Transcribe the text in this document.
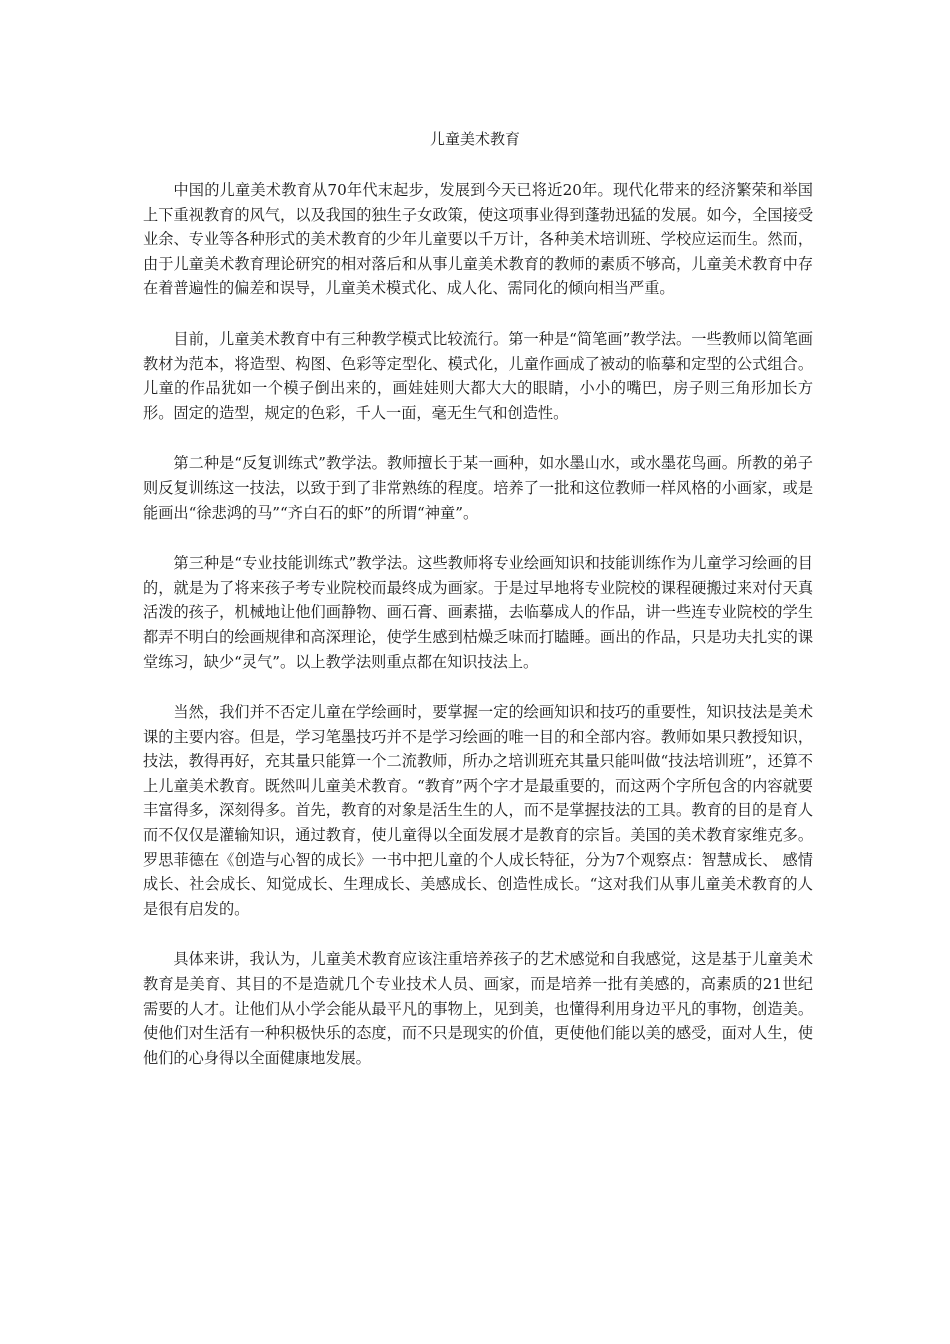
儿童美术教育

中国的儿童美术教育从70年代末起步，发展到今天已将近20年。现代化带来的经济繁荣和举国上下重视教育的风气，以及我国的独生子女政策，使这项事业得到蓬勃迅猛的发展。如今，全国接受业余、专业等各种形式的美术教育的少年儿童要以千万计，各种美术培训班、学校应运而生。然而，由于儿童美术教育理论研究的相对落后和从事儿童美术教育的教师的素质不够高，儿童美术教育中存在着普遍性的偏差和误导，儿童美术模式化、成人化、需同化的倾向相当严重。

目前，儿童美术教育中有三种教学模式比较流行。第一种是“简笔画”教学法。一些教师以简笔画教材为范本，将造型、构图、色彩等定型化、模式化，儿童作画成了被动的临摹和定型的公式组合。儿童的作品犹如一个模子倒出来的，画娃娃则大都大大的眼睛，小小的嘴巴，房子则三角形加长方形。固定的造型，规定的色彩，千人一面，毫无生气和创造性。

第二种是“反复训练式”教学法。教师擅长于某一画种，如水墨山水，或水墨花鸟画。所教的弟子则反复训练这一技法，以致于到了非常熟练的程度。培养了一批和这位教师一样风格的小画家，或是能画出“徐悲鸿的马”“齐白石的虾”的所谓“神童”。

第三种是“专业技能训练式”教学法。这些教师将专业绘画知识和技能训练作为儿童学习绘画的目的，就是为了将来孩子考专业院校而最终成为画家。于是过早地将专业院校的课程硬搬过来对付天真活泼的孩子，机械地让他们画静物、画石膏、画素描，去临摹成人的作品，讲一些连专业院校的学生都弄不明白的绘画规律和高深理论，使学生感到枯燥乏味而打瞌睡。画出的作品，只是功夫扎实的课堂练习，缺少“灵气”。以上教学法则重点都在知识技法上。

当然，我们并不否定儿童在学绘画时，要掌握一定的绘画知识和技巧的重要性，知识技法是美术课的主要内容。但是，学习笔墨技巧并不是学习绘画的唯一目的和全部内容。教师如果只教授知识，技法，教得再好，充其量只能算一个二流教师，所办之培训班充其量只能叫做“技法培训班”，还算不上儿童美术教育。既然叫儿童美术教育。“教育”两个字才是最重要的，而这两个字所包含的内容就要丰富得多，深刻得多。首先，教育的对象是活生生的人，而不是掌握技法的工具。教育的目的是育人而不仅仅是灌输知识，通过教育，使儿童得以全面发展才是教育的宗旨。美国的美术教育家维克多。罗思菲德在《创造与心智的成长》一书中把儿童的个人成长特征，分为7个观察点：智慧成长、 感情成长、社会成长、知觉成长、生理成长、美感成长、创造性成长。“这对我们从事儿童美术教育的人是很有启发的。

具体来讲，我认为，儿童美术教育应该注重培养孩子的艺术感觉和自我感觉，这是基于儿童美术教育是美育、其目的不是造就几个专业技术人员、画家，而是培养一批有美感的，高素质的21世纪需要的人才。让他们从小学会能从最平凡的事物上，见到美，也懂得利用身边平凡的事物，创造美。使他们对生活有一种积极快乐的态度，而不只是现实的价值，更使他们能以美的感受，面对人生，使他们的心身得以全面健康地发展。
